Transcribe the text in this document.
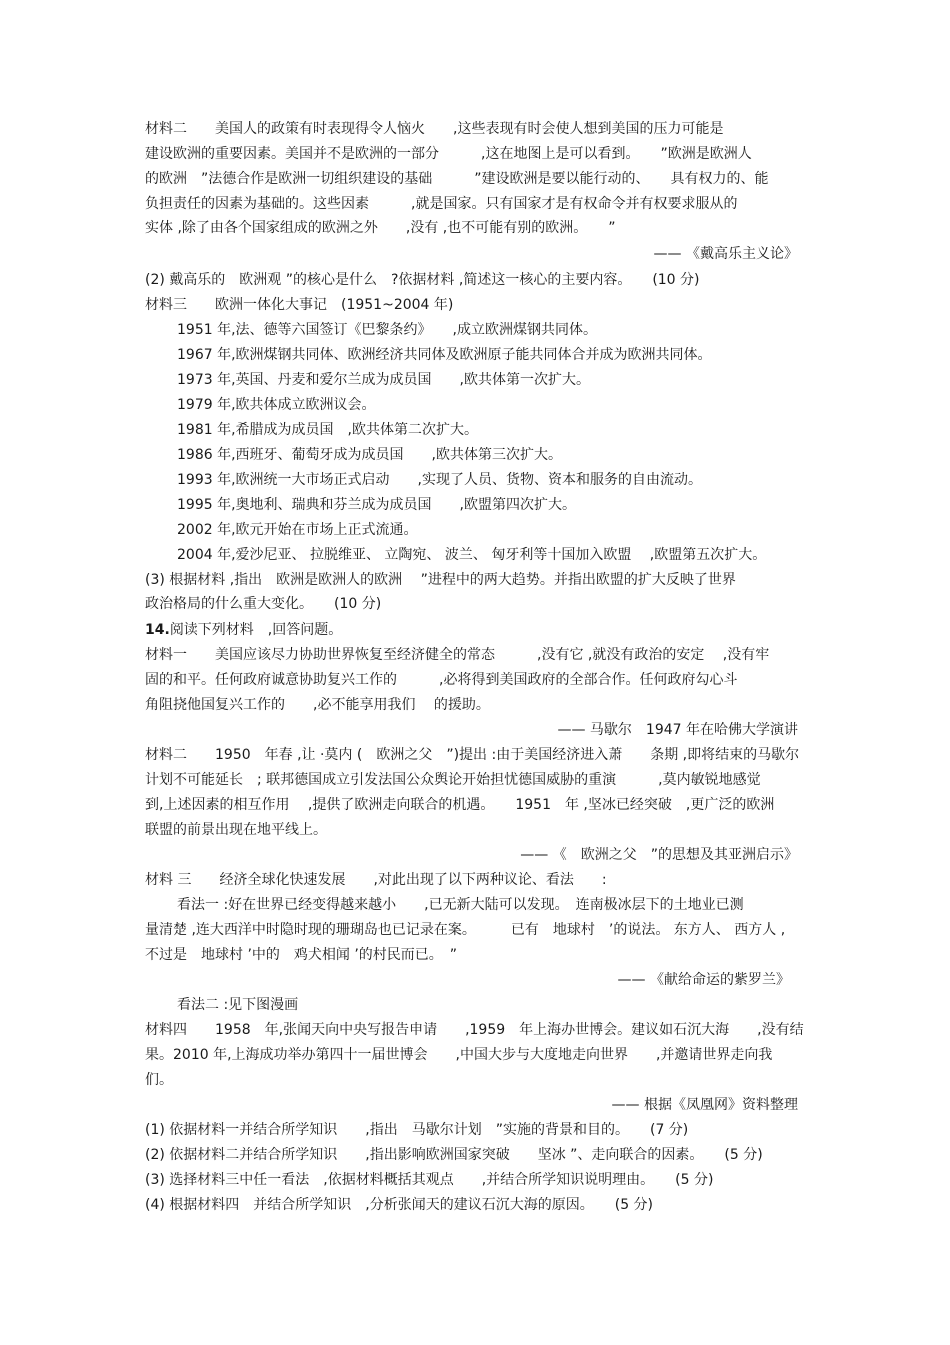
材料二　　美国人的政策有时表现得令人恼火　　,这些表现有时会使人想到美国的压力可能是
建设欧洲的重要因素。美国并不是欧洲的一部分　　　,这在地图上是可以看到。　　”欧洲是欧洲人
的欧洲　”法德合作是欧洲一切组织建设的基础　　　”建设欧洲是要以能行动的、　　具有权力的、能
负担责任的因素为基础的。这些因素　　　,就是国家。只有国家才是有权命令并有权要求服从的
实体 ,除了由各个国家组成的欧洲之外　　,没有 ,也不可能有别的欧洲。　　”
—— 《戴高乐主义论》
(2) 戴高乐的　欧洲观 ”的核心是什么　?依据材料 ,简述这一核心的主要内容。　　(10 分)
材料三　　欧洲一体化大事记　(1951~2004 年)
1951 年,法、德等六国签订《巴黎条约》　　,成立欧洲煤钢共同体。
1967 年,欧洲煤钢共同体、欧洲经济共同体及欧洲原子能共同体合并成为欧洲共同体。
1973 年,英国、丹麦和爱尔兰成为成员国　　,欧共体第一次扩大。
1979 年,欧共体成立欧洲议会。
1981 年,希腊成为成员国　,欧共体第二次扩大。
1986 年,西班牙、葡萄牙成为成员国　　,欧共体第三次扩大。
1993 年,欧洲统一大市场正式启动　　,实现了人员、货物、资本和服务的自由流动。
1995 年,奥地利、瑞典和芬兰成为成员国　　,欧盟第四次扩大。
2002 年,欧元开始在市场上正式流通。
2004 年,爱沙尼亚、 拉脱维亚、 立陶宛、 波兰、 匈牙利等十国加入欧盟　 ,欧盟第五次扩大。
(3) 根据材料 ,指出　欧洲是欧洲人的欧洲　 ”进程中的两大趋势。并指出欧盟的扩大反映了世界
政治格局的什么重大变化。　　(10 分)
14.阅读下列材料　,回答问题。
材料一　　美国应该尽力协助世界恢复至经济健全的常态　　　,没有它 ,就没有政治的安定　 ,没有牢
固的和平。任何政府诚意协助复兴工作的　　　,必将得到美国政府的全部合作。任何政府勾心斗
角阻挠他国复兴工作的　　,必不能享用我们　 的援助。
—— 马歇尔　1947 年在哈佛大学演讲
材料二　　1950　年春 ,让 ·莫内 (　欧洲之父　”)提出 :由于美国经济进入萧　　条期 ,即将结束的马歇尔
计划不可能延长　; 联邦德国成立引发法国公众舆论开始担忧德国威胁的重演　　　,莫内敏锐地感觉
到,上述因素的相互作用　 ,提供了欧洲走向联合的机遇。　　1951　年 ,坚冰已经突破　,更广泛的欧洲
联盟的前景出现在地平线上。
—— 《　欧洲之父　”的思想及其亚洲启示》
材料 三　　经济全球化快速发展　　,对此出现了以下两种议论、看法　　:
看法一 :好在世界已经变得越来越小　　,已无新大陆可以发现。　连南极冰层下的土地业已测
量清楚 ,连大西洋中时隐时现的珊瑚岛也已记录在案。　　　已有　地球村　’的说法。 东方人、 西方人 ,
不过是　地球村 ’中的　鸡犬相闻 ’的村民而已。　”
—— 《献给命运的紫罗兰》
看法二 :见下图漫画
材料四　　1958　年,张闻天向中央写报告申请　　,1959　年上海办世博会。建议如石沉大海　　,没有结
果。2010 年,上海成功举办第四十一届世博会　　,中国大步与大度地走向世界　　,并邀请世界走向我
们。
—— 根据《凤凰网》资料整理
(1) 依据材料一并结合所学知识　　,指出　马歇尔计划　”实施的背景和目的。　　(7 分)
(2) 依据材料二并结合所学知识　　,指出影响欧洲国家突破　　坚冰 ”、走向联合的因素。　　(5 分)
(3) 选择材料三中任一看法　,依据材料概括其观点　　,并结合所学知识说明理由。　　(5 分)
(4) 根据材料四　并结合所学知识　,分析张闻天的建议石沉大海的原因。　　(5 分)
